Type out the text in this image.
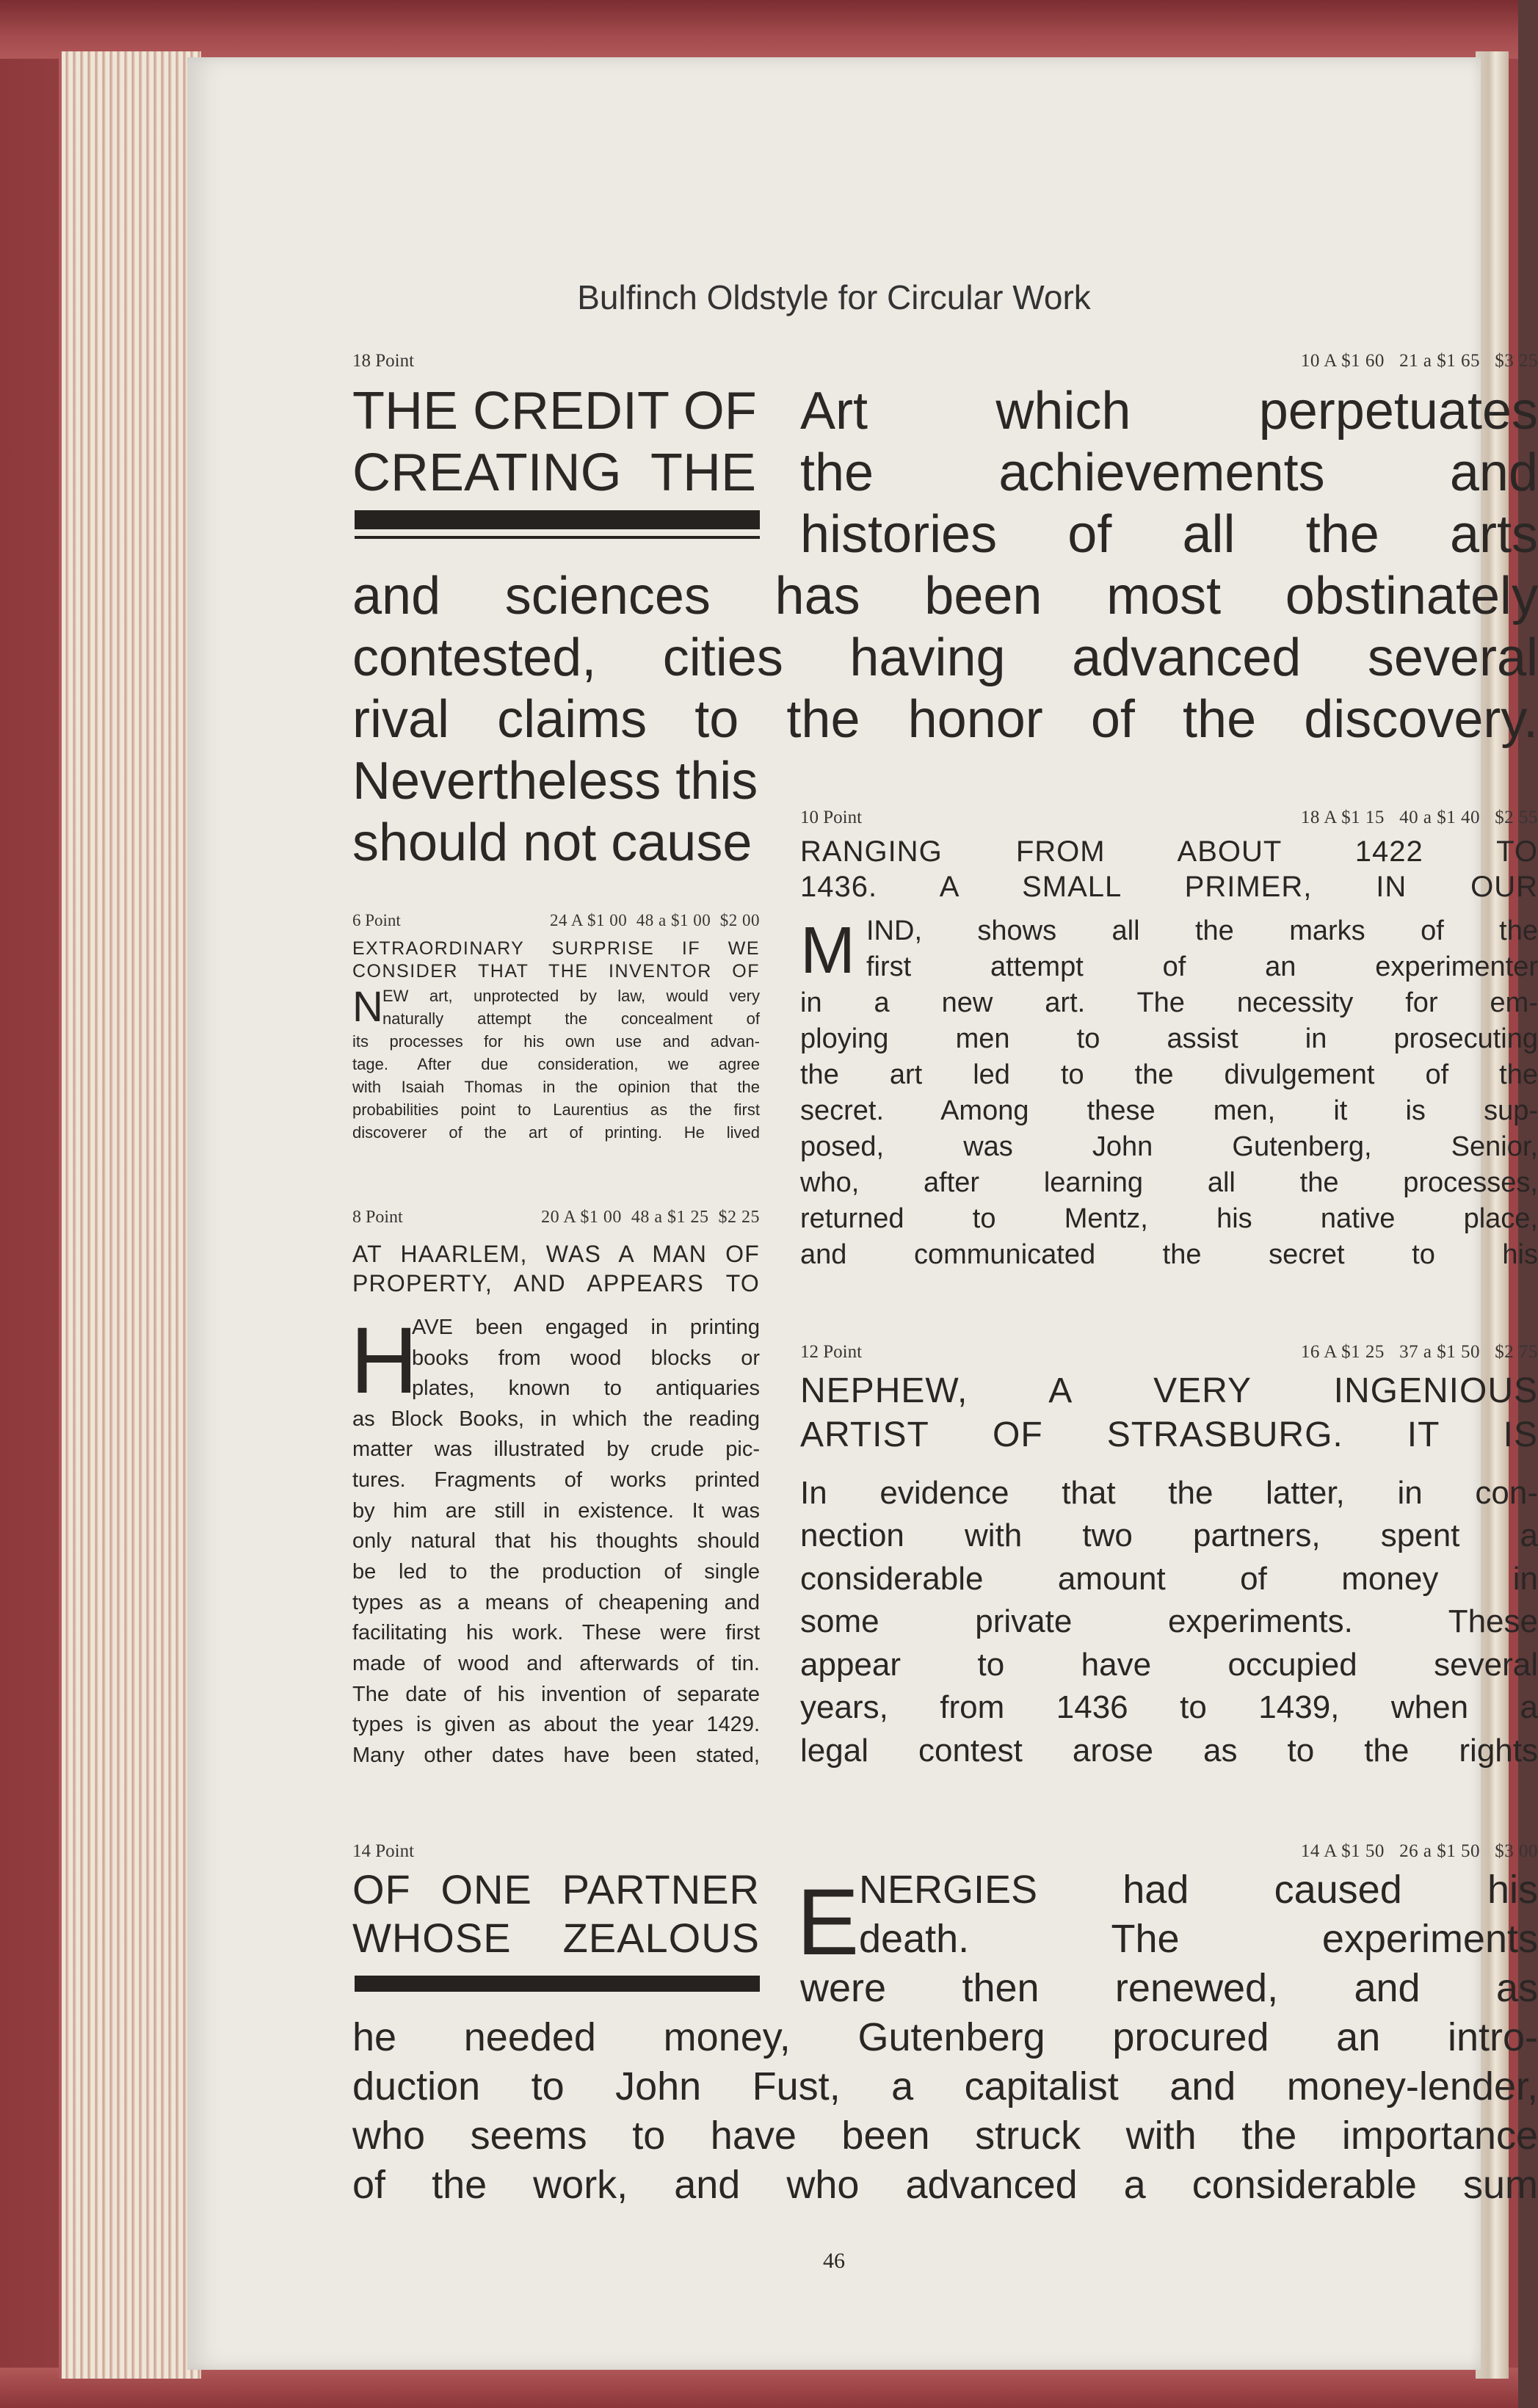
Bulfinch Oldstyle for Circular Work
18 Point	10 A $1 60 21 a $1 65 $3 25
THE CREDIT OF
CREATING THE
Art which perpetuates
the achievements and
histories of all the arts
and sciences has been most obstinately
contested, cities having advanced several
rival claims to the honor of the discovery.
Nevertheless this
should not cause
6 Point	24 A $1 00 48 a $1 00 $2 00
EXTRAORDINARY SURPRISE IF WE
CONSIDER THAT THE INVENTOR OF
N EW art, unprotected by law, would very
naturally attempt the concealment of
its processes for his own use and advan-
tage. After due consideration, we agree
with Isaiah Thomas in the opinion that the
probabilities point to Laurentius as the first
discoverer of the art of printing. He lived
8 Point	20 A $1 00 48 a $1 25 $2 25
AT HAARLEM, WAS A MAN OF
PROPERTY, AND APPEARS TO
H
AVE been engaged in printing
books from wood blocks or
plates, known to antiquaries
as Block Books, in which the reading
matter was illustrated by crude pic-
tures. Fragments of works printed
by him are still in existence. It was
only natural that his thoughts should
be led to the production of single
types as a means of cheapening and
facilitating his work. These were first
made of wood and afterwards of tin.
The date of his invention of separate
types is given as about the year 1429.
Many other dates have been stated,
10 Point	18 A $1 15 40 a $1 40 $2 55
RANGING FROM ABOUT 1422 TO
1436. A SMALL PRIMER, IN OUR
M IND, shows all the marks of the
first attempt of an experimenter
in a new art. The necessity for em-
ploying men to assist in prosecuting
the art led to the divulgement of the
secret. Among these men, it is sup-
posed, was John Gutenberg, Senior,
who, after learning all the processes,
returned to Mentz, his native place,
and communicated the secret to his
12 Point	16 A $1 25 37 a $1 50 $2 75
NEPHEW, A VERY INGENIOUS
ARTIST OF STRASBURG. IT IS
In evidence that the latter, in con-
nection with two partners, spent a
considerable amount of money in
some private experiments. These
appear to have occupied several
years, from 1436 to 1439, when a
legal contest arose as to the rights
14 Point	14 A $1 50 26 a $1 50 $3 00
OF ONE PARTNER
WHOSE ZEALOUS E NERGIES had caused his
death. The experiments
were then renewed, and as
he needed money, Gutenberg procured an intro-
duction to John Fust, a capitalist and money-lender,
who seems to have been struck with the importance
of the work, and who advanced a considerable sum
46
